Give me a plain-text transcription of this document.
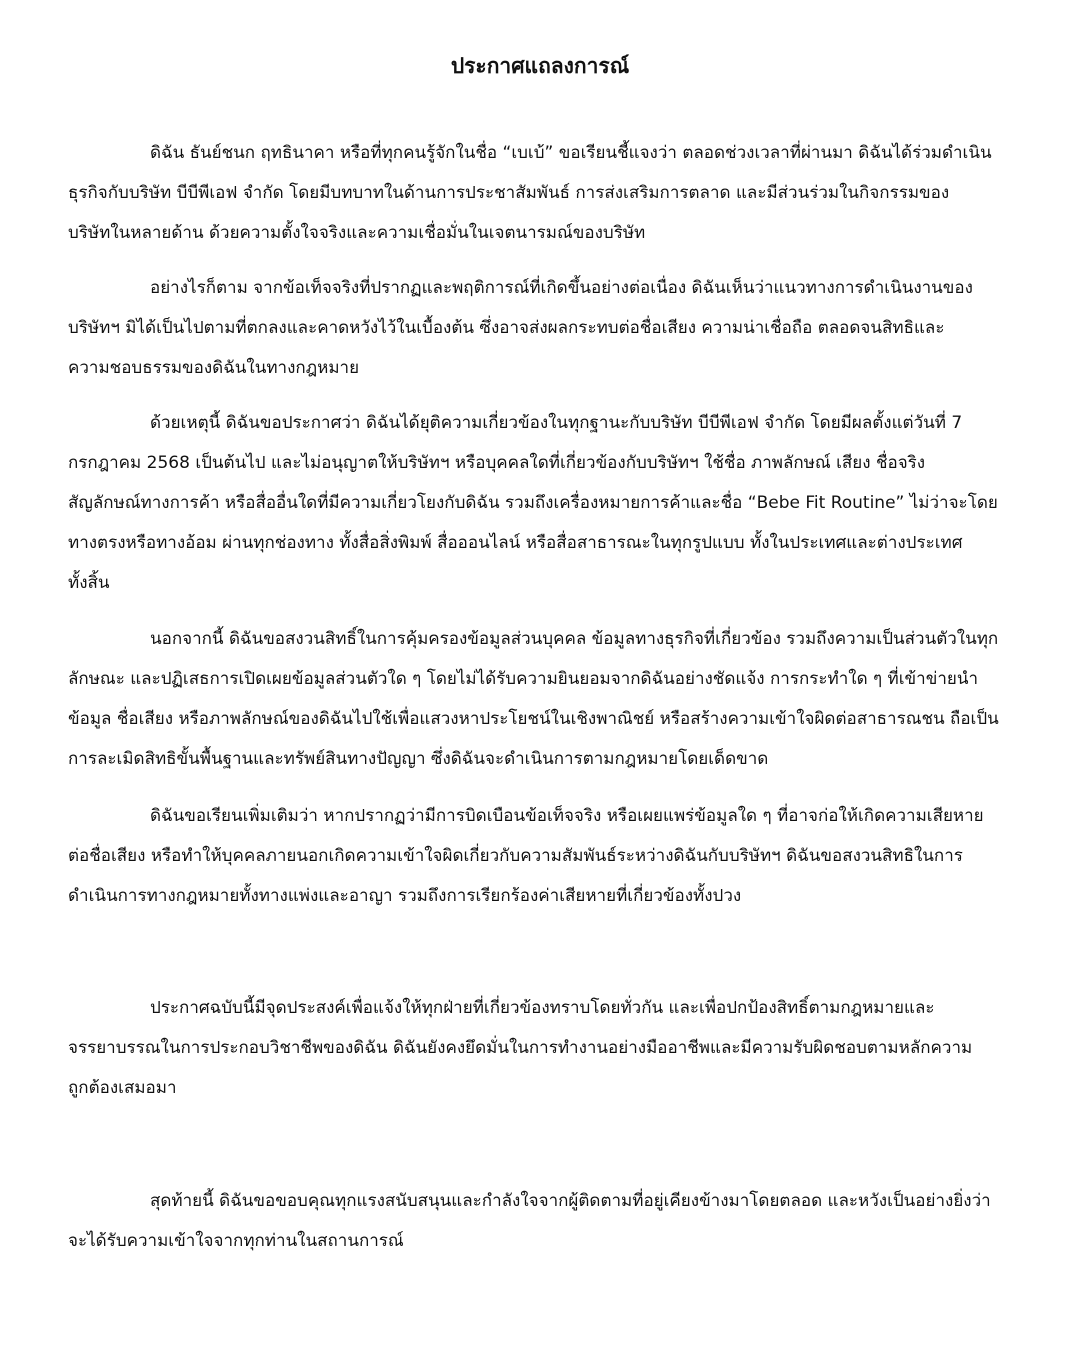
ประกาศแถลงการณ์
ดิฉัน ธันย์ชนก ฤทธินาคา หรือที่ทุกคนรู้จักในชื่อ “เบเบ้” ขอเรียนชี้แจงว่า ตลอดช่วงเวลาที่ผ่านมา ดิฉันได้ร่วมดำเนิน
ธุรกิจกับบริษัท บีบีพีเอฟ จำกัด โดยมีบทบาทในด้านการประชาสัมพันธ์ การส่งเสริมการตลาด และมีส่วนร่วมในกิจกรรมของ
บริษัทในหลายด้าน ด้วยความตั้งใจจริงและความเชื่อมั่นในเจตนารมณ์ของบริษัท
อย่างไรก็ตาม จากข้อเท็จจริงที่ปรากฏและพฤติการณ์ที่เกิดขึ้นอย่างต่อเนื่อง ดิฉันเห็นว่าแนวทางการดำเนินงานของ
บริษัทฯ มิได้เป็นไปตามที่ตกลงและคาดหวังไว้ในเบื้องต้น ซึ่งอาจส่งผลกระทบต่อชื่อเสียง ความน่าเชื่อถือ ตลอดจนสิทธิและ
ความชอบธรรมของดิฉันในทางกฎหมาย
ด้วยเหตุนี้ ดิฉันขอประกาศว่า ดิฉันได้ยุติความเกี่ยวข้องในทุกฐานะกับบริษัท บีบีพีเอฟ จำกัด โดยมีผลตั้งแต่วันที่ 7
กรกฎาคม 2568 เป็นต้นไป และไม่อนุญาตให้บริษัทฯ หรือบุคคลใดที่เกี่ยวข้องกับบริษัทฯ ใช้ชื่อ ภาพลักษณ์ เสียง ชื่อจริง
สัญลักษณ์ทางการค้า หรือสื่ออื่นใดที่มีความเกี่ยวโยงกับดิฉัน รวมถึงเครื่องหมายการค้าและชื่อ “Bebe Fit Routine” ไม่ว่าจะโดย
ทางตรงหรือทางอ้อม ผ่านทุกช่องทาง ทั้งสื่อสิ่งพิมพ์ สื่อออนไลน์ หรือสื่อสาธารณะในทุกรูปแบบ ทั้งในประเทศและต่างประเทศ
ทั้งสิ้น
นอกจากนี้ ดิฉันขอสงวนสิทธิ์ในการคุ้มครองข้อมูลส่วนบุคคล ข้อมูลทางธุรกิจที่เกี่ยวข้อง รวมถึงความเป็นส่วนตัวในทุก
ลักษณะ และปฏิเสธการเปิดเผยข้อมูลส่วนตัวใด ๆ โดยไม่ได้รับความยินยอมจากดิฉันอย่างชัดแจ้ง การกระทำใด ๆ ที่เข้าข่ายนำ
ข้อมูล ชื่อเสียง หรือภาพลักษณ์ของดิฉันไปใช้เพื่อแสวงหาประโยชน์ในเชิงพาณิชย์ หรือสร้างความเข้าใจผิดต่อสาธารณชน ถือเป็น
การละเมิดสิทธิขั้นพื้นฐานและทรัพย์สินทางปัญญา ซึ่งดิฉันจะดำเนินการตามกฎหมายโดยเด็ดขาด
ดิฉันขอเรียนเพิ่มเติมว่า หากปรากฏว่ามีการบิดเบือนข้อเท็จจริง หรือเผยแพร่ข้อมูลใด ๆ ที่อาจก่อให้เกิดความเสียหาย
ต่อชื่อเสียง หรือทำให้บุคคลภายนอกเกิดความเข้าใจผิดเกี่ยวกับความสัมพันธ์ระหว่างดิฉันกับบริษัทฯ ดิฉันขอสงวนสิทธิในการ
ดำเนินการทางกฎหมายทั้งทางแพ่งและอาญา รวมถึงการเรียกร้องค่าเสียหายที่เกี่ยวข้องทั้งปวง
ประกาศฉบับนี้มีจุดประสงค์เพื่อแจ้งให้ทุกฝ่ายที่เกี่ยวข้องทราบโดยทั่วกัน และเพื่อปกป้องสิทธิ์ตามกฎหมายและ
จรรยาบรรณในการประกอบวิชาชีพของดิฉัน ดิฉันยังคงยึดมั่นในการทำงานอย่างมืออาชีพและมีความรับผิดชอบตามหลักความ
ถูกต้องเสมอมา
สุดท้ายนี้ ดิฉันขอขอบคุณทุกแรงสนับสนุนและกำลังใจจากผู้ติดตามที่อยู่เคียงข้างมาโดยตลอด และหวังเป็นอย่างยิ่งว่า
จะได้รับความเข้าใจจากทุกท่านในสถานการณ์
